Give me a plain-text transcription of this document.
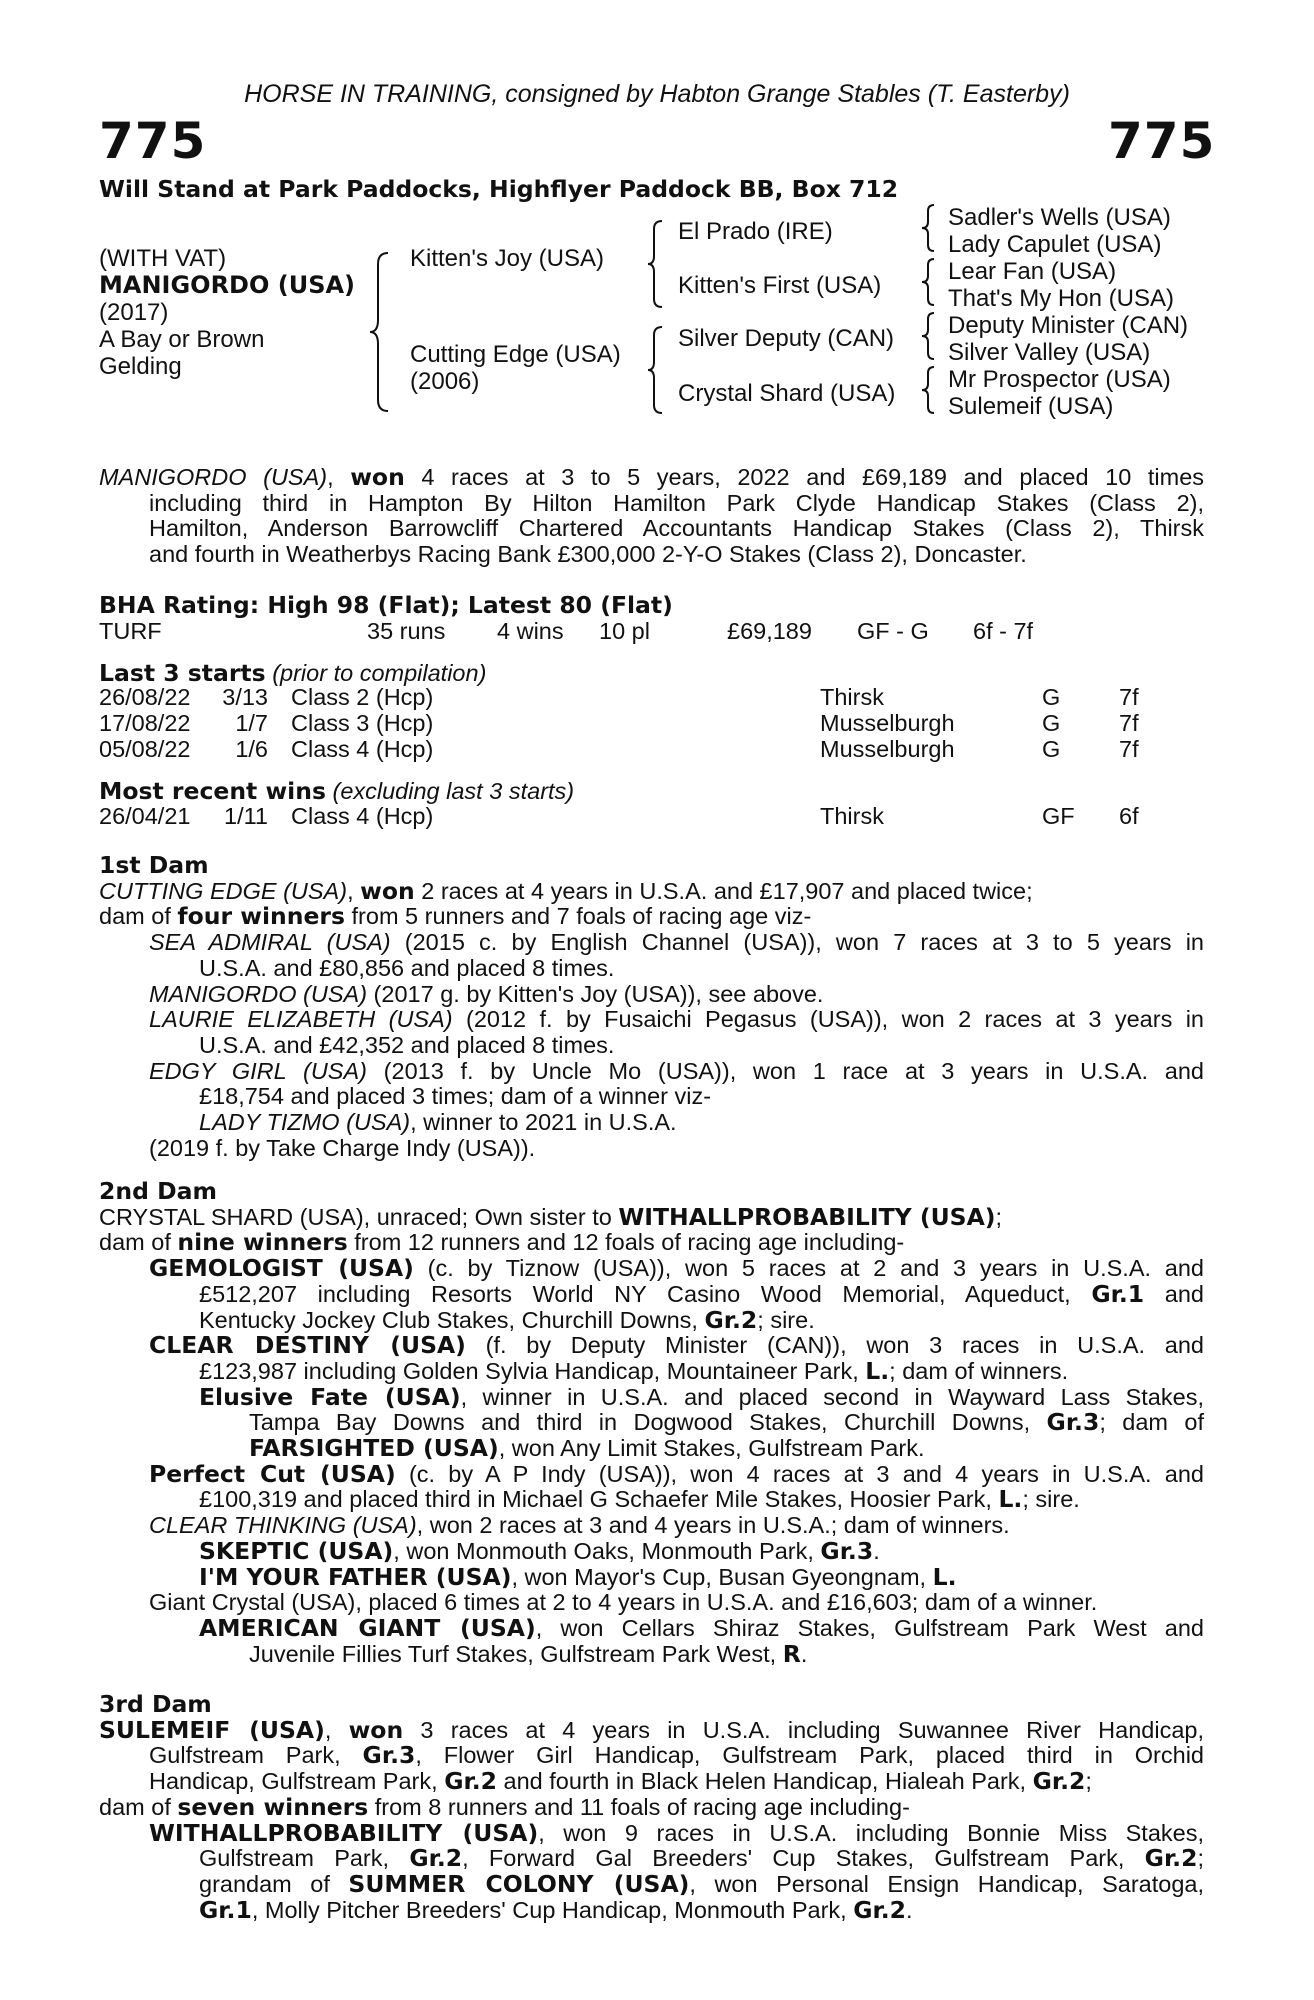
HORSE IN TRAINING, consigned by Habton Grange Stables (T. Easterby)
775	775
Will Stand at Park Paddocks, Highflyer Paddock BB, Box 712
(WITH VAT)
MANIGORDO (USA)
(2017)
A Bay or Brown
Gelding
Kitten's Joy (USA)
Cutting Edge (USA)
(2006)
El Prado (IRE)
Kitten's First (USA)
Silver Deputy (CAN)
Crystal Shard (USA)
Sadler's Wells (USA)
Lady Capulet (USA)
Lear Fan (USA)
That's My Hon (USA)
Deputy Minister (CAN)
Silver Valley (USA)
Mr Prospector (USA)
Sulemeif (USA)
MANIGORDO (USA), won 4 races at 3 to 5 years, 2022 and £69,189 and placed 10 times
including third in Hampton By Hilton Hamilton Park Clyde Handicap Stakes (Class 2),
Hamilton, Anderson Barrowcliff Chartered Accountants Handicap Stakes (Class 2), Thirsk
and fourth in Weatherbys Racing Bank £300,000 2-Y-O Stakes (Class 2), Doncaster.
BHA Rating: High 98 (Flat); Latest 80 (Flat)
TURF	35 runs 4 wins 10 pl	£69,189 GF - G 6f - 7f
Last 3 starts (prior to compilation)
26/08/22	3/13 Class 2 (Hcp)	Thirsk	G 7f
17/08/22	1/7 Class 3 (Hcp)	Musselburgh	G 7f
05/08/22	1/6 Class 4 (Hcp)	Musselburgh	G 7f
Most recent wins (excluding last 3 starts)
26/04/21	1/11 Class 4 (Hcp)	Thirsk	GF 6f
1st Dam
CUTTING EDGE (USA), won 2 races at 4 years in U.S.A. and £17,907 and placed twice;
dam of four winners from 5 runners and 7 foals of racing age viz-
SEA ADMIRAL (USA) (2015 c. by English Channel (USA)), won 7 races at 3 to 5 years in
U.S.A. and £80,856 and placed 8 times.
MANIGORDO (USA) (2017 g. by Kitten's Joy (USA)), see above.
LAURIE ELIZABETH (USA) (2012 f. by Fusaichi Pegasus (USA)), won 2 races at 3 years in
U.S.A. and £42,352 and placed 8 times.
EDGY GIRL (USA) (2013 f. by Uncle Mo (USA)), won 1 race at 3 years in U.S.A. and
£18,754 and placed 3 times; dam of a winner viz-
LADY TIZMO (USA), winner to 2021 in U.S.A.
(2019 f. by Take Charge Indy (USA)).
2nd Dam
CRYSTAL SHARD (USA), unraced; Own sister to WITHALLPROBABILITY (USA);
dam of nine winners from 12 runners and 12 foals of racing age including-
GEMOLOGIST (USA) (c. by Tiznow (USA)), won 5 races at 2 and 3 years in U.S.A. and
£512,207 including Resorts World NY Casino Wood Memorial, Aqueduct, Gr.1 and
Kentucky Jockey Club Stakes, Churchill Downs, Gr.2; sire.
CLEAR DESTINY (USA) (f. by Deputy Minister (CAN)), won 3 races in U.S.A. and
£123,987 including Golden Sylvia Handicap, Mountaineer Park, L.; dam of winners.
Elusive Fate (USA), winner in U.S.A. and placed second in Wayward Lass Stakes,
Tampa Bay Downs and third in Dogwood Stakes, Churchill Downs, Gr.3; dam of
FARSIGHTED (USA), won Any Limit Stakes, Gulfstream Park.
Perfect Cut (USA) (c. by A P Indy (USA)), won 4 races at 3 and 4 years in U.S.A. and
£100,319 and placed third in Michael G Schaefer Mile Stakes, Hoosier Park, L.; sire.
CLEAR THINKING (USA), won 2 races at 3 and 4 years in U.S.A.; dam of winners.
SKEPTIC (USA), won Monmouth Oaks, Monmouth Park, Gr.3.
I'M YOUR FATHER (USA), won Mayor's Cup, Busan Gyeongnam, L.
Giant Crystal (USA), placed 6 times at 2 to 4 years in U.S.A. and £16,603; dam of a winner.
AMERICAN GIANT (USA), won Cellars Shiraz Stakes, Gulfstream Park West and
Juvenile Fillies Turf Stakes, Gulfstream Park West, R.
3rd Dam
SULEMEIF (USA), won 3 races at 4 years in U.S.A. including Suwannee River Handicap,
Gulfstream Park, Gr.3, Flower Girl Handicap, Gulfstream Park, placed third in Orchid
Handicap, Gulfstream Park, Gr.2 and fourth in Black Helen Handicap, Hialeah Park, Gr.2;
dam of seven winners from 8 runners and 11 foals of racing age including-
WITHALLPROBABILITY (USA), won 9 races in U.S.A. including Bonnie Miss Stakes,
Gulfstream Park, Gr.2, Forward Gal Breeders' Cup Stakes, Gulfstream Park, Gr.2;
grandam of SUMMER COLONY (USA), won Personal Ensign Handicap, Saratoga,
Gr.1, Molly Pitcher Breeders' Cup Handicap, Monmouth Park, Gr.2.
